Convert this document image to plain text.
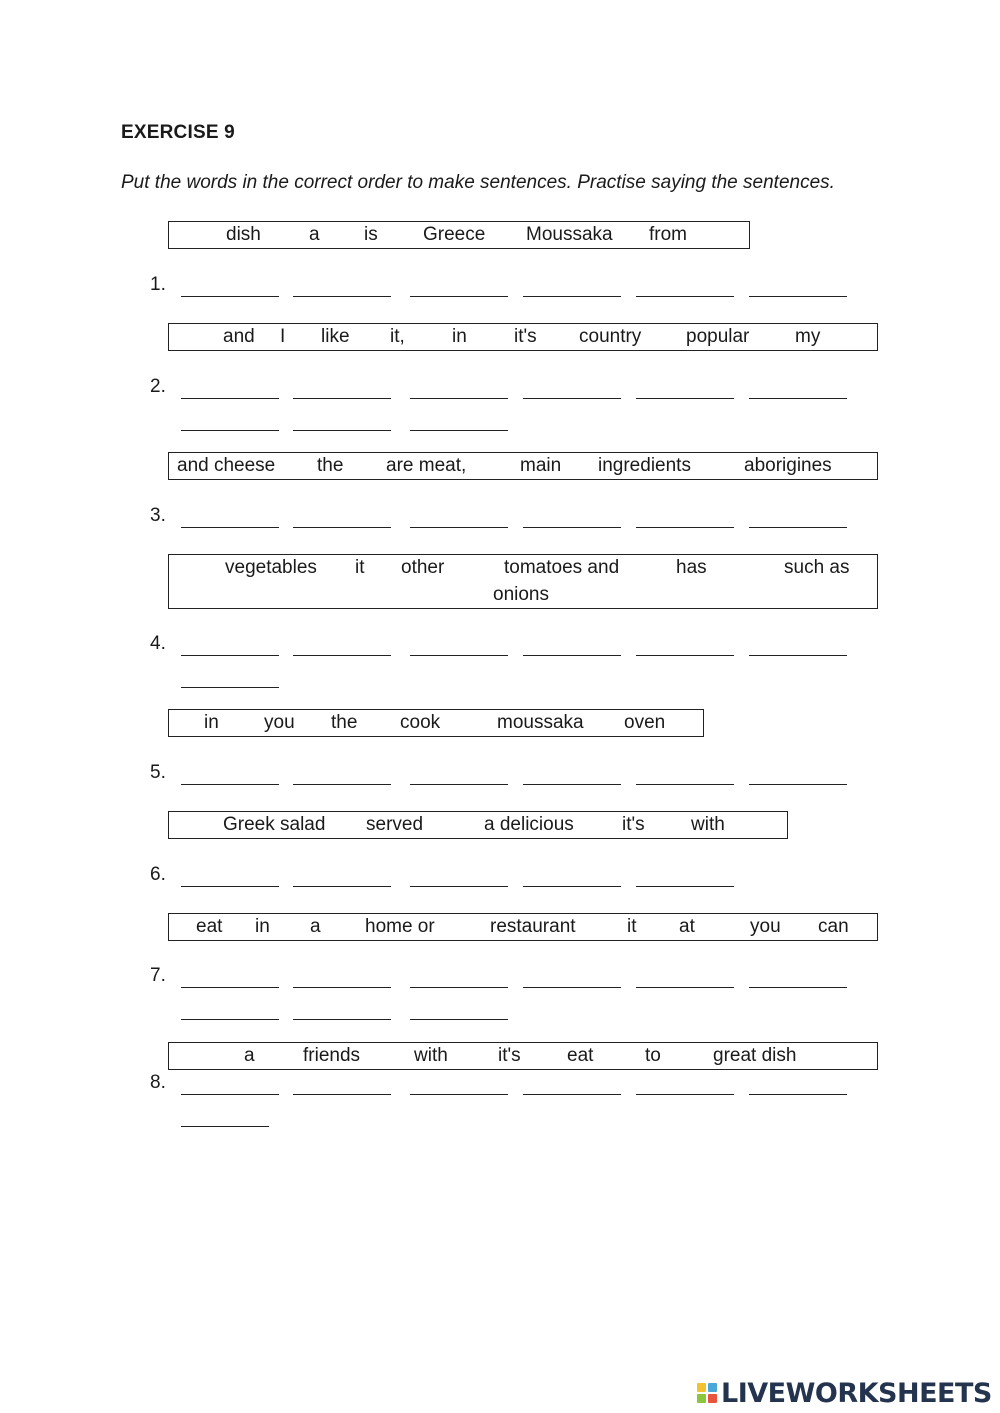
EXERCISE 9
Put the words in the correct order to make sentences. Practise saying the sentences.
dish	a is Greece Moussaka from
1.
and I like it, in it's country popular my
2.
and cheese the are meat,	main ingredients	aborigines
3.
vegetables it other	tomatoes and	has	such as
onions
4.
in you the cook	moussaka oven
5.
Greek salad served	a delicious	it's with
6.
eat in a home or	restaurant	it at	you can
7.
a	friends	with	it's eat	to	great dish
8.
LIVEWORKSHEETS
